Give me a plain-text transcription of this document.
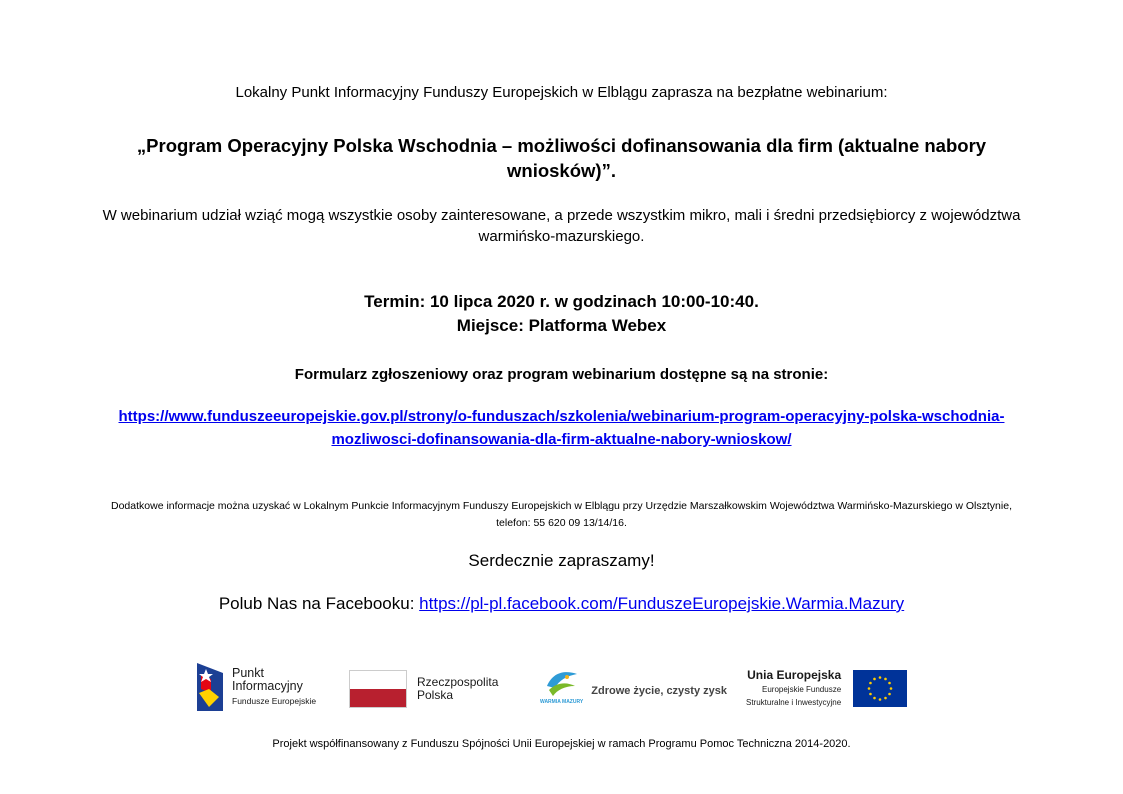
Lokalny Punkt Informacyjny Funduszy Europejskich w Elblągu zaprasza na bezpłatne webinarium:
„Program Operacyjny Polska Wschodnia – możliwości dofinansowania dla firm (aktualne nabory wniosków)”.
W webinarium udział wziąć mogą wszystkie osoby zainteresowane, a przede wszystkim mikro, mali i średni przedsiębiorcy z województwa warmińsko-mazurskiego.
Termin: 10 lipca 2020 r. w godzinach 10:00-10:40.
Miejsce: Platforma Webex
Formularz zgłoszeniowy oraz program webinarium dostępne są na stronie:
https://www.funduszeeuropejskie.gov.pl/strony/o-funduszach/szkolenia/webinarium-program-operacyjny-polska-wschodnia-mozliwosci-dofinansowania-dla-firm-aktualne-nabory-wnioskow/
Dodatkowe informacje można uzyskać w Lokalnym Punkcie Informacyjnym Funduszy Europejskich w Elblągu przy Urzędzie Marszałkowskim Województwa Warmińsko-Mazurskiego w Olsztynie, telefon: 55 620 09 13/14/16.
Serdecznie zapraszamy!
Polub Nas na Facebooku: https://pl-pl.facebook.com/FunduszeEuropejskie.Warmia.Mazury
Punkt
Informacyjny
Fundusze Europejskie
Rzeczpospolita
Polska	WARMIA MAZURY
Zdrowe życie, czysty zysk
Unia Europejska
Europejskie Fundusze
Strukturalne i Inwestycyjne
Projekt współfinansowany z Funduszu Spójności Unii Europejskiej w ramach Programu Pomoc Techniczna 2014-2020.
